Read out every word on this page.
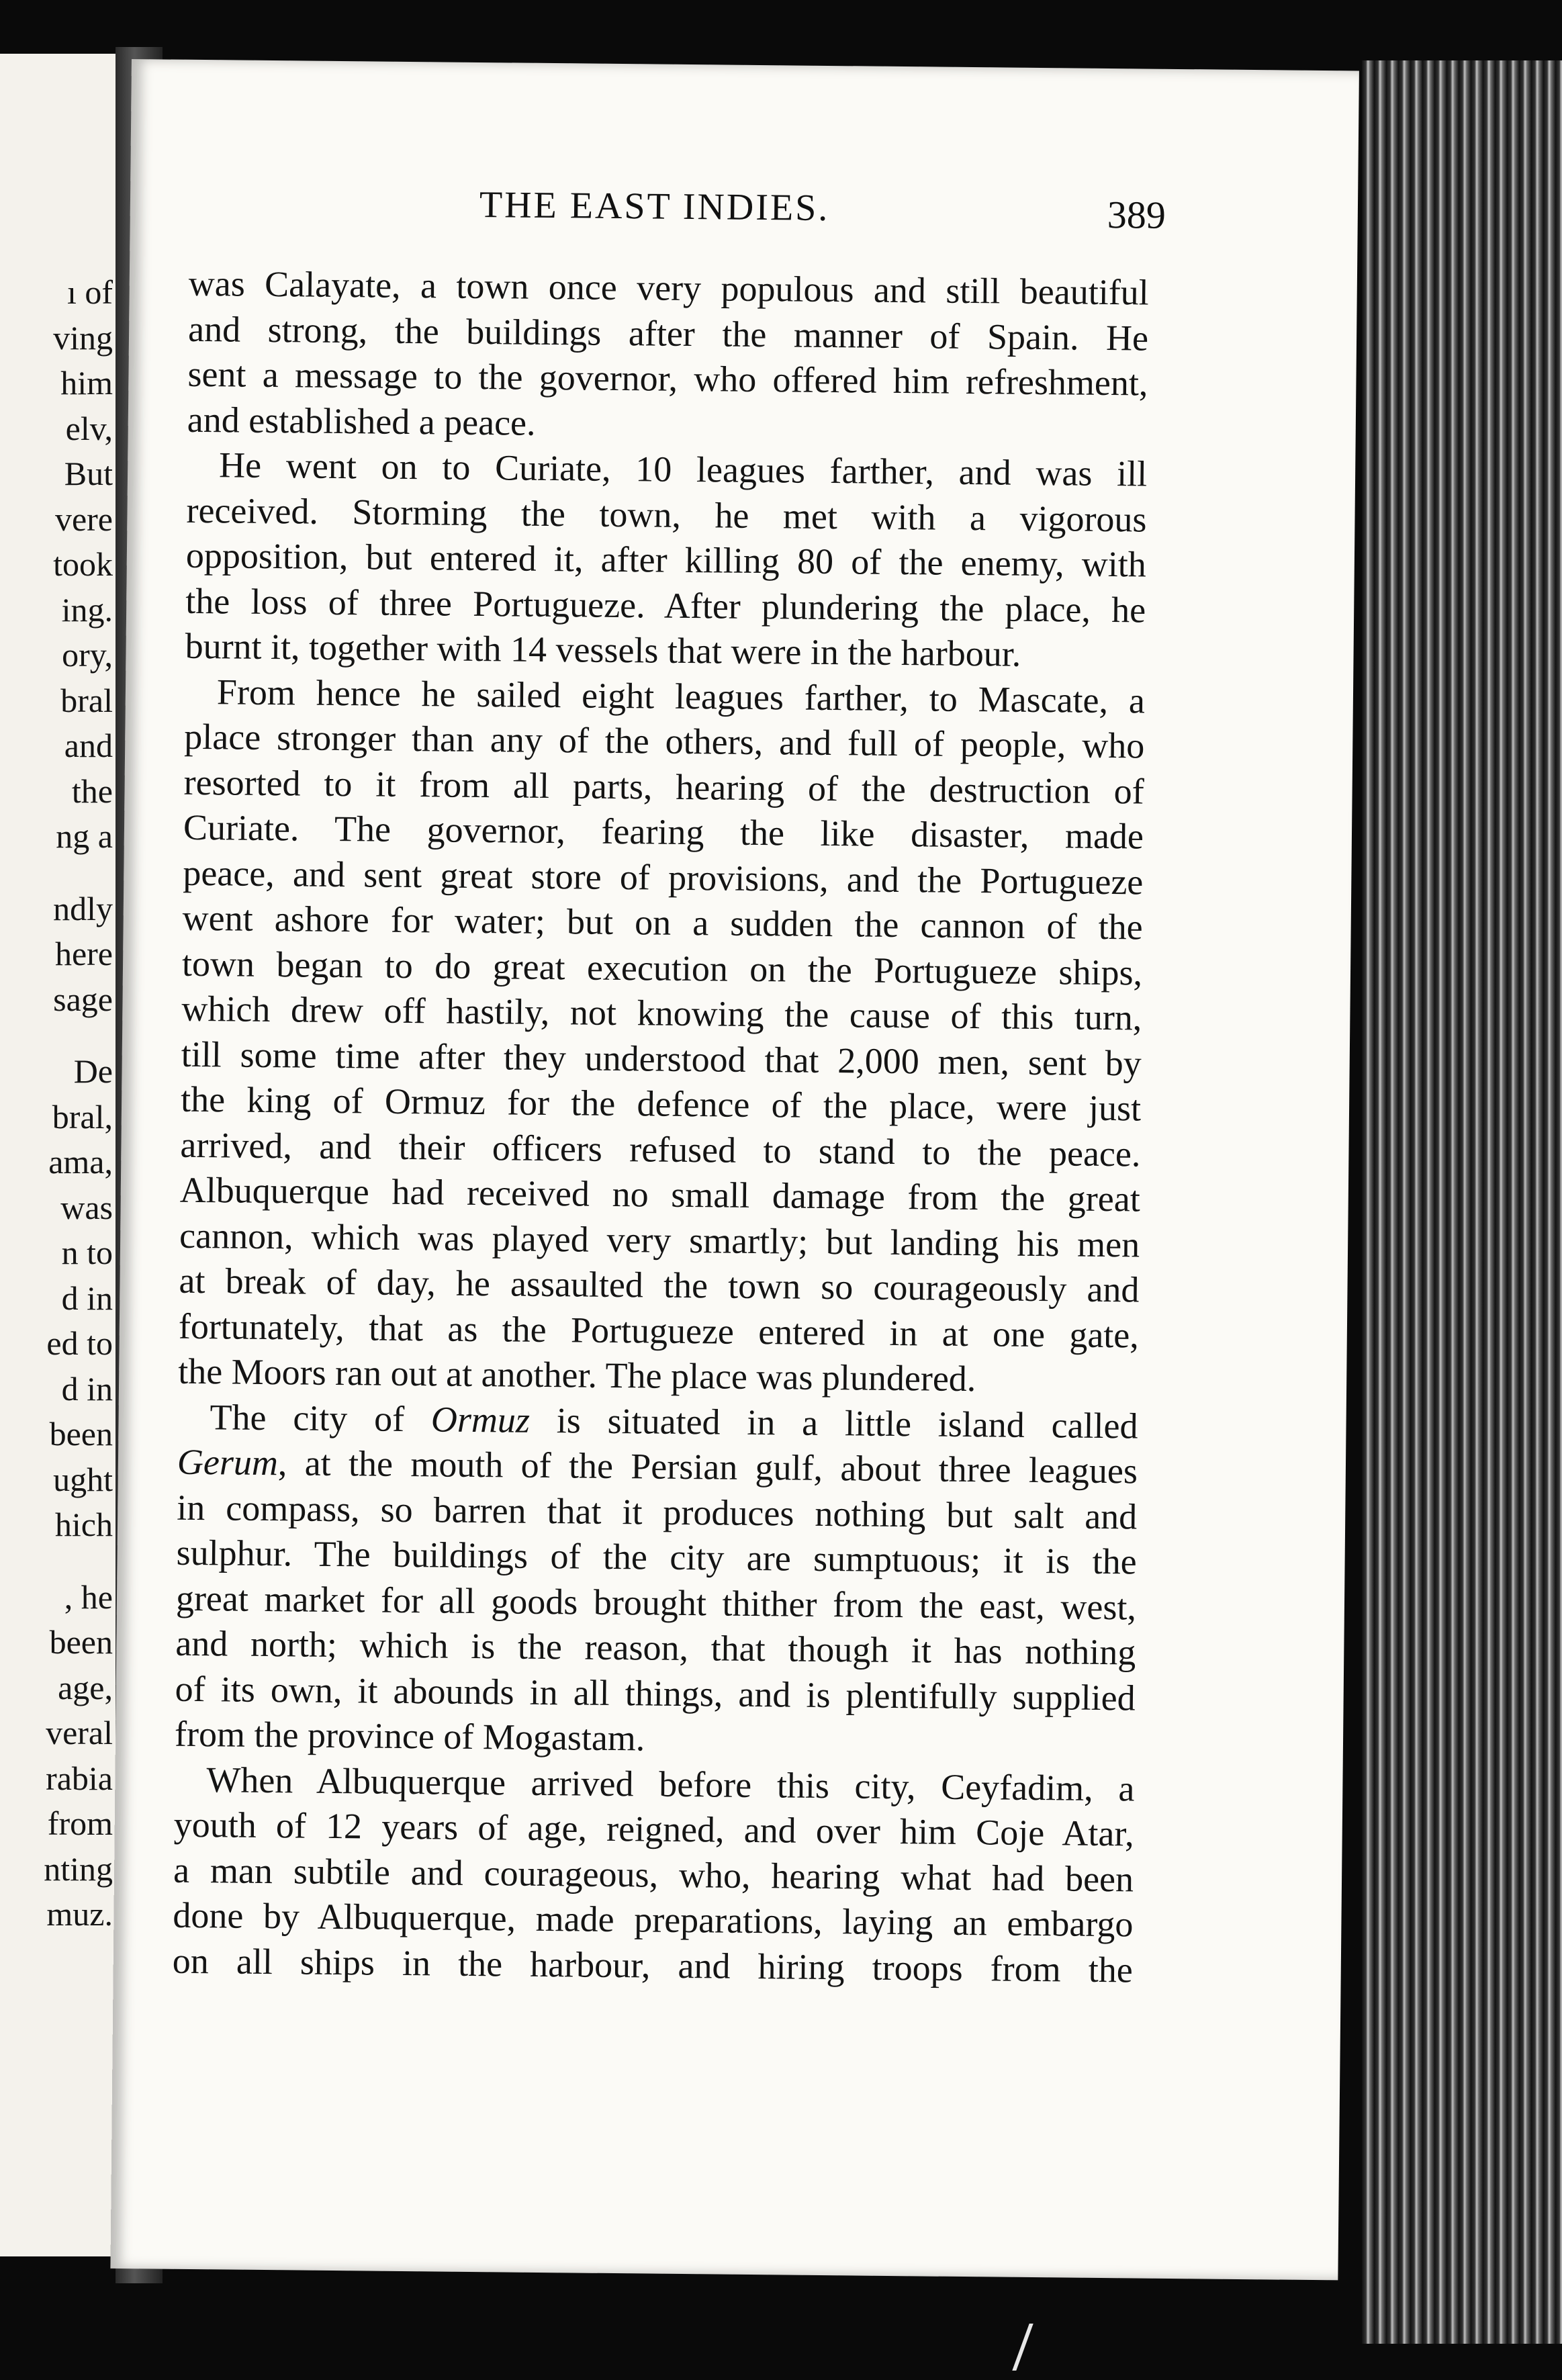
ı of
ving
him
elv,
But
vere
took
ing.
ory,
bral
and
the
ng a
ndly
here
sage
De
bral,
ama,
was
n to
d in
ed to
d in
been
ught
hich
, he
been
age,
veral
rabia
from
nting
muz.
THE EAST INDIES.	389
was Calayate, a town once very populous and still beautiful
and strong, the buildings after the manner of Spain. He
sent a message to the governor, who offered him refreshment,
and established a peace.
He went on to Curiate, 10 leagues farther, and was ill
received. Storming the town, he met with a vigorous
opposition, but entered it, after killing 80 of the enemy, with
the loss of three Portugueze. After plundering the place, he
burnt it, together with 14 vessels that were in the harbour.
From hence he sailed eight leagues farther, to Mascate, a
place stronger than any of the others, and full of people, who
resorted to it from all parts, hearing of the destruction of
Curiate. The governor, fearing the like disaster, made
peace, and sent great store of provisions, and the Portugueze
went ashore for water; but on a sudden the cannon of the
town began to do great execution on the Portugueze ships,
which drew off hastily, not knowing the cause of this turn,
till some time after they understood that 2,000 men, sent by
the king of Ormuz for the defence of the place, were just
arrived, and their officers refused to stand to the peace.
Albuquerque had received no small damage from the great
cannon, which was played very smartly; but landing his men
at break of day, he assaulted the town so courageously and
fortunately, that as the Portugueze entered in at one gate,
the Moors ran out at another. The place was plundered.
The city of Ormuz is situated in a little island called
Gerum, at the mouth of the Persian gulf, about three leagues
in compass, so barren that it produces nothing but salt and
sulphur. The buildings of the city are sumptuous; it is the
great market for all goods brought thither from the east, west,
and north; which is the reason, that though it has nothing
of its own, it abounds in all things, and is plentifully supplied
from the province of Mogastam.
When Albuquerque arrived before this city, Ceyfadim, a
youth of 12 years of age, reigned, and over him Coje Atar,
a man subtile and courageous, who, hearing what had been
done by Albuquerque, made preparations, laying an embargo
on all ships in the harbour, and hiring troops from the
